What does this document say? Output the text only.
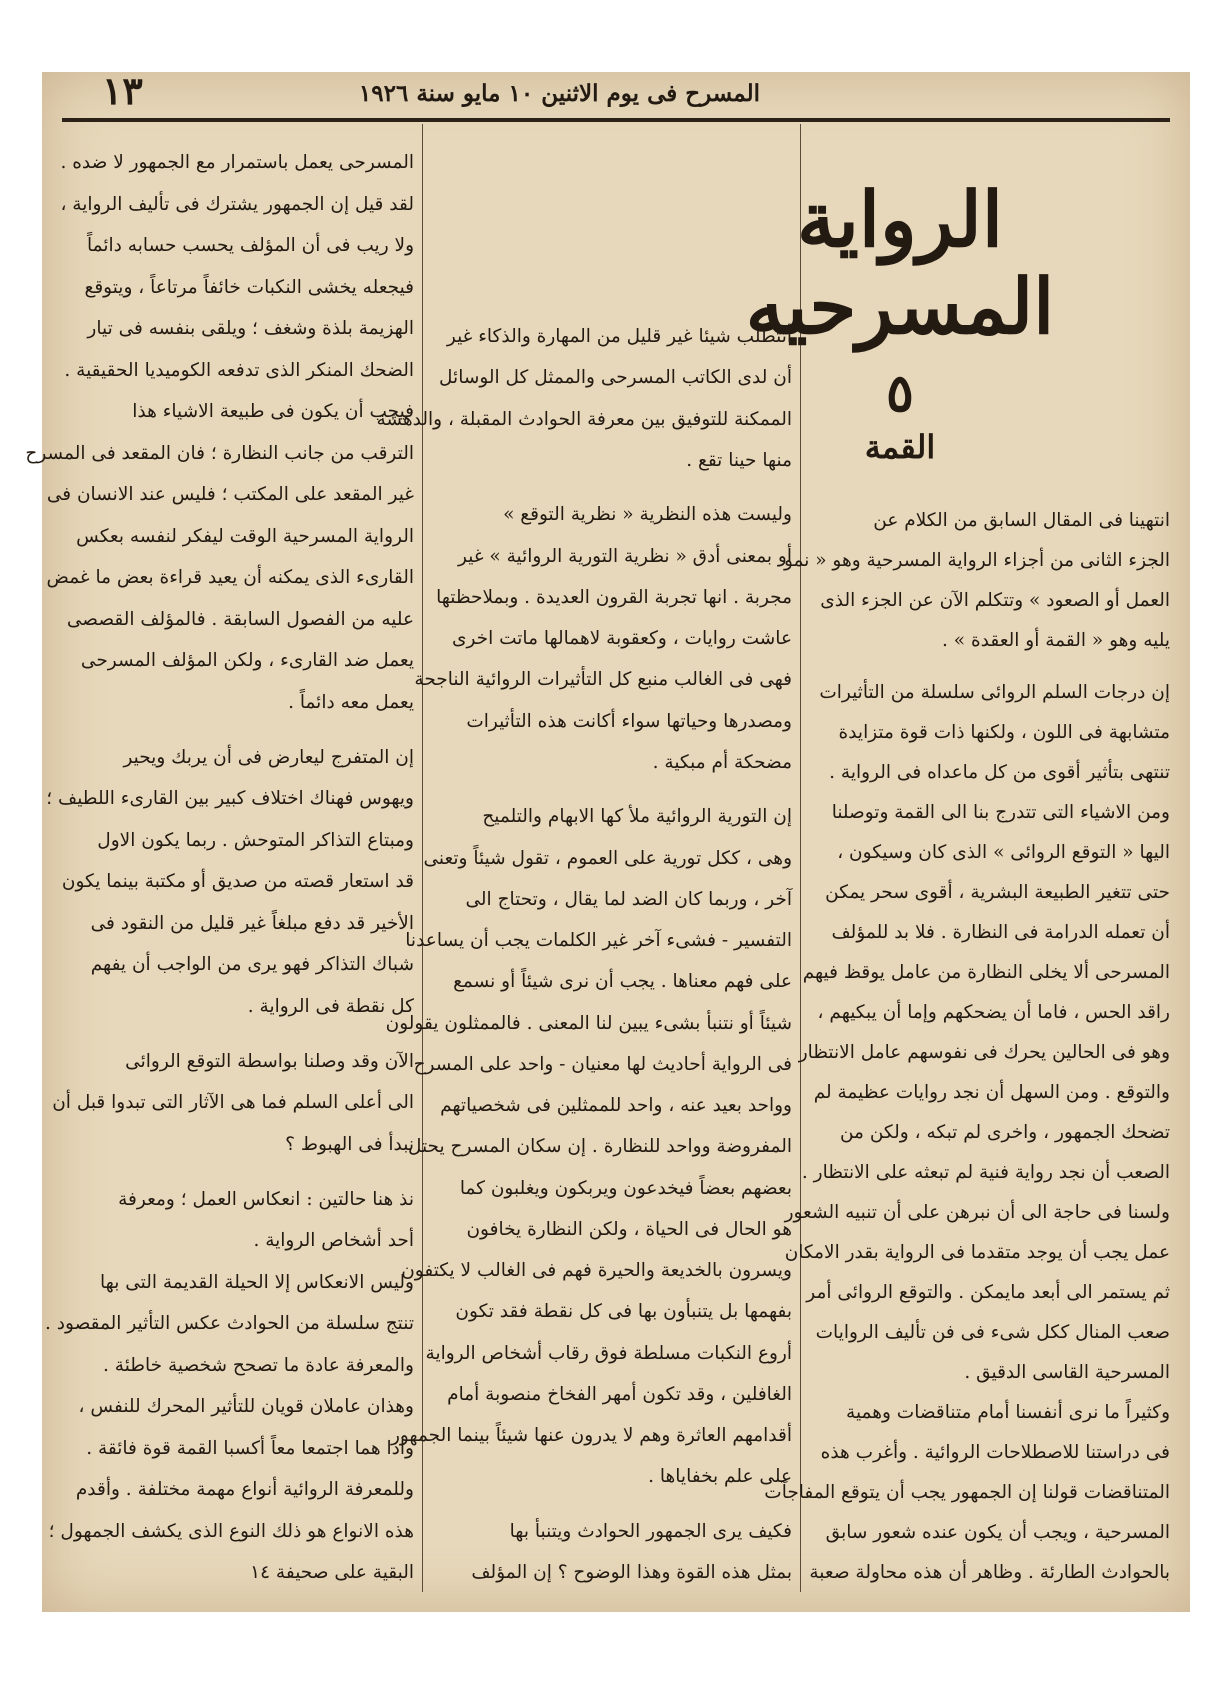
١٣	المسرح فى يوم الاثنين ١٠ مايو سنة ١٩٢٦
الرواية المسرحيه
٥
القمة
انتهينا فى المقال السابق من الكلام عن
الجزء الثانى من أجزاء الرواية المسرحية وهو « نمو
العمل أو الصعود » وتتكلم الآن عن الجزء الذى
يليه وهو « القمة أو العقدة » .
إن درجات السلم الروائى سلسلة من التأثيرات
متشابهة فى اللون ، ولكنها ذات قوة متزايدة
تنتهى بتأثير أقوى من كل ماعداه فى الرواية .
ومن الاشياء التى تتدرج بنا الى القمة وتوصلنا
اليها « التوقع الروائى » الذى كان وسيكون ،
حتى تتغير الطبيعة البشرية ، أقوى سحر يمكن
أن تعمله الدرامة فى النظارة . فلا بد للمؤلف
المسرحى ألا يخلى النظارة من عامل يوقظ فيهم
راقد الحس ، فاما أن يضحكهم وإما أن يبكيهم ،
وهو فى الحالين يحرك فى نفوسهم عامل الانتظار
والتوقع . ومن السهل أن نجد روايات عظيمة لم
تضحك الجمهور ، واخرى لم تبكه ، ولكن من
الصعب أن نجد رواية فنية لم تبعثه على الانتظار .
ولسنا فى حاجة الى أن نبرهن على أن تنبيه الشعور
عمل يجب أن يوجد متقدما فى الرواية بقدر الامكان
ثم يستمر الى أبعد مايمكن . والتوقع الروائى أمر
صعب المنال ككل شىء فى فن تأليف الروايات
المسرحية القاسى الدقيق .
وكثيراً ما نرى أنفسنا أمام متناقضات وهمية
فى دراستنا للاصطلاحات الروائية . وأغرب هذه
المتناقضات قولنا إن الجمهور يجب أن يتوقع المفاجآت
المسرحية ، ويجب أن يكون عنده شعور سابق
بالحوادث الطارئة . وظاهر أن هذه محاولة صعبة
أتتطلب شيئا غير قليل من المهارة والذكاء غير
أن لدى الكاتب المسرحى والممثل كل الوسائل
الممكنة للتوفيق بين معرفة الحوادث المقبلة ، والدهشة
منها حينا تقع .
وليست هذه النظرية « نظرية التوقع »
أو بمعنى أدق « نظرية التورية الروائية » غير
مجربة . انها تجربة القرون العديدة . وبملاحظتها
عاشت روايات ، وكعقوبة لاهمالها ماتت اخرى
فهى فى الغالب منبع كل التأثيرات الروائية الناجحة
ومصدرها وحياتها سواء أكانت هذه التأثيرات
مضحكة أم مبكية .
إن التورية الروائية ملأ كها الابهام والتلميح
وهى ، ككل تورية على العموم ، تقول شيئاً وتعنى
آخر ، وربما كان الضد لما يقال ، وتحتاج الى
التفسير - فشىء آخر غير الكلمات يجب أن يساعدنا
على فهم معناها . يجب أن نرى شيئاً أو نسمع
شيئاً أو نتنبأ بشىء يبين لنا المعنى . فالممثلون يقولون
فى الرواية أحاديث لها معنيان - واحد على المسرح
وواحد بعيد عنه ، واحد للممثلين فى شخصياتهم
المفروضة وواحد للنظارة . إن سكان المسرح يحتل
بعضهم بعضاً فيخدعون ويربكون ويغلبون كما
هو الحال فى الحياة ، ولكن النظارة يخافون
ويسرون بالخديعة والحيرة فهم فى الغالب لا يكتفون
بفهمها بل يتنبأون بها فى كل نقطة فقد تكون
أروع النكبات مسلطة فوق رقاب أشخاص الرواية
الغافلين ، وقد تكون أمهر الفخاخ منصوبة أمام
أقدامهم العاثرة وهم لا يدرون عنها شيئاً بينما الجمهور
على علم بخفاياها .
فكيف يرى الجمهور الحوادث ويتنبأ بها
بمثل هذه القوة وهذا الوضوح ؟ إن المؤلف
المسرحى يعمل باستمرار مع الجمهور لا ضده .
لقد قيل إن الجمهور يشترك فى تأليف الرواية ،
ولا ريب فى أن المؤلف يحسب حسابه دائماً
فيجعله يخشى النكبات خائفاً مرتاعاً ، ويتوقع
الهزيمة بلذة وشغف ؛ ويلقى بنفسه فى تيار
الضحك المنكر الذى تدفعه الكوميديا الحقيقية .
فيجب أن يكون فى طبيعة الاشياء هذا
الترقب من جانب النظارة ؛ فان المقعد فى المسرح
غير المقعد على المكتب ؛ فليس عند الانسان فى
الرواية المسرحية الوقت ليفكر لنفسه بعكس
القارىء الذى يمكنه أن يعيد قراءة بعض ما غمض
عليه من الفصول السابقة . فالمؤلف القصصى
يعمل ضد القارىء ، ولكن المؤلف المسرحى
يعمل معه دائماً .
إن المتفرج ليعارض فى أن يربك ويحير
ويهوس فهناك اختلاف كبير بين القارىء اللطيف ؛
ومبتاع التذاكر المتوحش . ربما يكون الاول
قد استعار قصته من صديق أو مكتبة بينما يكون
الأخير قد دفع مبلغاً غير قليل من النقود فى
شباك التذاكر فهو يرى من الواجب أن يفهم
كل نقطة فى الرواية .
الآن وقد وصلنا بواسطة التوقع الروائى
الى أعلى السلم فما هى الآثار التى تبدوا قبل أن
نبدأ فى الهبوط ؟
نذ هنا حالتين : انعكاس العمل ؛ ومعرفة
أحد أشخاص الرواية .
وليس الانعكاس إلا الحيلة القديمة التى بها
تنتج سلسلة من الحوادث عكس التأثير المقصود .
والمعرفة عادة ما تصحح شخصية خاطئة .
وهذان عاملان قويان للتأثير المحرك للنفس ،
واذا هما اجتمعا معاً أكسبا القمة قوة فائقة .
وللمعرفة الروائية أنواع مهمة مختلفة . وأقدم
هذه الانواع هو ذلك النوع الذى يكشف الجمهول ؛
البقية على صحيفة ١٤
